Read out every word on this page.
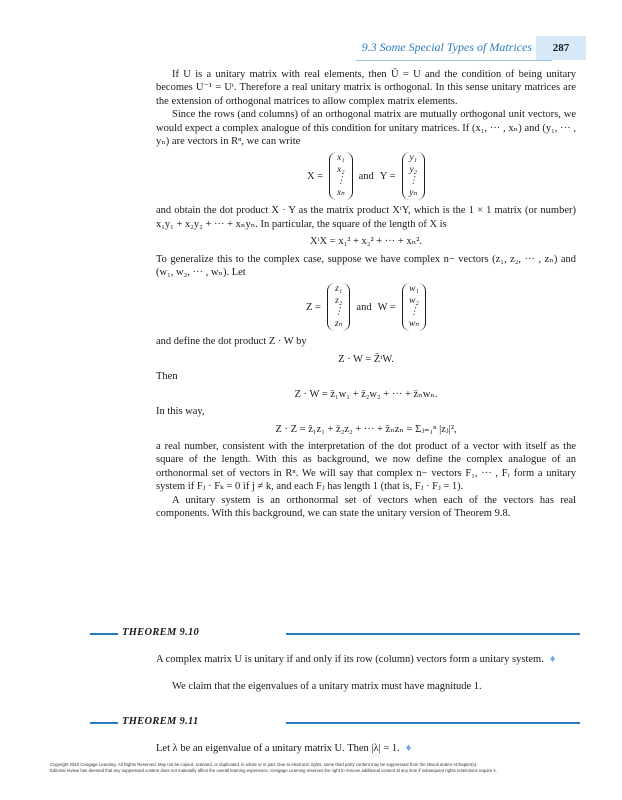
9.3 Some Special Types of Matrices	287

If U is a unitary matrix with real elements, then Ū = U and the condition of being unitary becomes U⁻¹ = Uᵗ. Therefore a real unitary matrix is orthogonal. In this sense unitary matrices are the extension of orthogonal matrices to allow complex matrix elements.

Since the rows (and columns) of an orthogonal matrix are mutually orthogonal unit vectors, we would expect a complex analogue of this condition for unitary matrices. If (x₁, ··· , xₙ) and (y₁, ··· , yₙ) are vectors in Rⁿ, we can write

X =
x₁
x₂
⋮
xₙ
and Y =
y₁
y₂
⋮
yₙ

and obtain the dot product X · Y as the matrix product XᵗY, which is the 1 × 1 matrix (or number) x₁y₁ + x₂y₂ + ··· + xₙyₙ. In particular, the square of the length of X is

XᵗX = x₁² + x₂² + ··· + xₙ².

To generalize this to the complex case, suppose we have complex n− vectors (z₁, z₂, ··· , zₙ) and (w₁, w₂, ··· , wₙ). Let

Z =
z₁
z₂
⋮
zₙ
and W =
w₁
w₂
⋮
wₙ

and define the dot product Z · W by

Z · W = Z̄ᵗW.

Then

Z · W = z̄₁w₁ + z̄₂w₂ + ··· + z̄ₙwₙ.

In this way,

Z · Z = z̄₁z₁ + z̄₂z₂ + ··· + z̄ₙzₙ = Σⱼ₌₁ⁿ |zⱼ|²,

a real number, consistent with the interpretation of the dot product of a vector with itself as the square of the length. With this as background, we now define the complex analogue of an orthonormal set of vectors in Rⁿ. We will say that complex n− vectors F₁, ··· , Fᵣ form a unitary system if Fⱼ · Fₖ = 0 if j ≠ k, and each Fⱼ has length 1 (that is, Fⱼ · Fⱼ = 1).

A unitary system is an orthonormal set of vectors when each of the vectors has real components. With this background, we can state the unitary version of Theorem 9.8.

THEOREM 9.10
A complex matrix U is unitary if and only if its row (column) vectors form a unitary system. ♦
We claim that the eigenvalues of a unitary matrix must have magnitude 1.
THEOREM 9.11
Let λ be an eigenvalue of a unitary matrix U. Then |λ| = 1. ♦
Copyright 2010 Cengage Learning. All Rights Reserved. May not be copied, scanned, or duplicated, in whole or in part. Due to electronic rights, some third party content may be suppressed from the eBook and/or eChapter(s).
Editorial review has deemed that any suppressed content does not materially affect the overall learning experience. Cengage Learning reserves the right to remove additional content at any time if subsequent rights restrictions require it.
